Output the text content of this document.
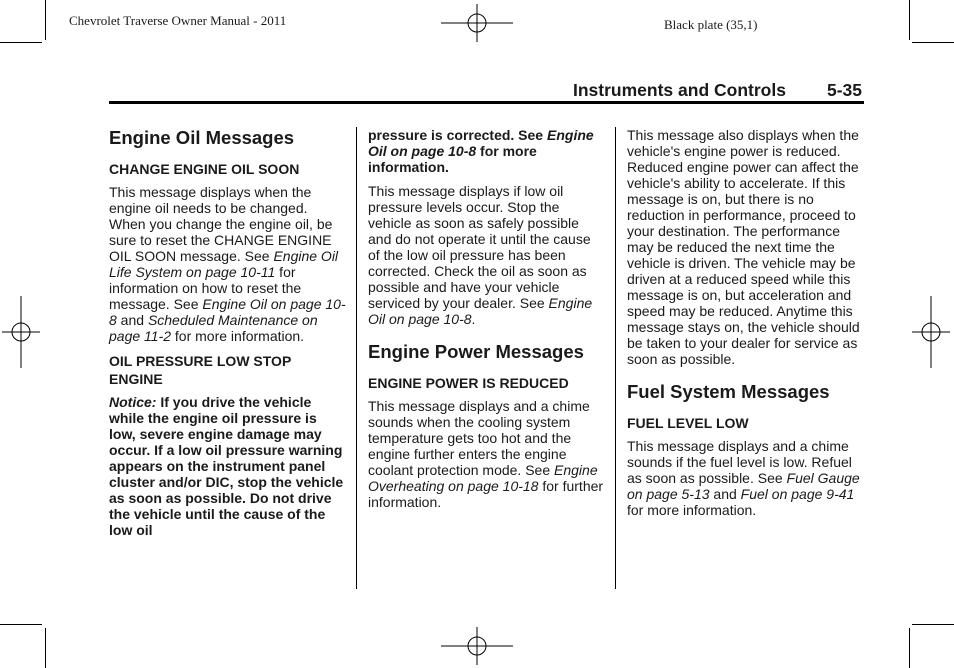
Chevrolet Traverse Owner Manual - 2011	Black plate (35,1)
Instruments and Controls 5-35
Engine Oil Messages
CHANGE ENGINE OIL SOON

This message displays when the engine oil needs to be changed. When you change the engine oil, be sure to reset the CHANGE ENGINE OIL SOON message. See Engine Oil Life System on page 10-11 for information on how to reset the message. See Engine Oil on page 10-8 and Scheduled Maintenance on page 11-2 for more information.

OIL PRESSURE LOW STOP ENGINE

Notice: If you drive the vehicle while the engine oil pressure is low, severe engine damage may occur. If a low oil pressure warning appears on the instrument panel cluster and/or DIC, stop the vehicle as soon as possible. Do not drive the vehicle until the cause of the low oil

pressure is corrected. See Engine Oil on page 10-8 for more information.

This message displays if low oil pressure levels occur. Stop the vehicle as soon as safely possible and do not operate it until the cause of the low oil pressure has been corrected. Check the oil as soon as possible and have your vehicle serviced by your dealer. See Engine Oil on page 10-8.

Engine Power Messages
ENGINE POWER IS REDUCED

This message displays and a chime sounds when the cooling system temperature gets too hot and the engine further enters the engine coolant protection mode. See Engine Overheating on page 10-18 for further information.

This message also displays when the vehicle's engine power is reduced. Reduced engine power can affect the vehicle's ability to accelerate. If this message is on, but there is no reduction in performance, proceed to your destination. The performance may be reduced the next time the vehicle is driven. The vehicle may be driven at a reduced speed while this message is on, but acceleration and speed may be reduced. Anytime this message stays on, the vehicle should be taken to your dealer for service as soon as possible.

Fuel System Messages
FUEL LEVEL LOW

This message displays and a chime sounds if the fuel level is low. Refuel as soon as possible. See Fuel Gauge on page 5-13 and Fuel on page 9-41 for more information.
